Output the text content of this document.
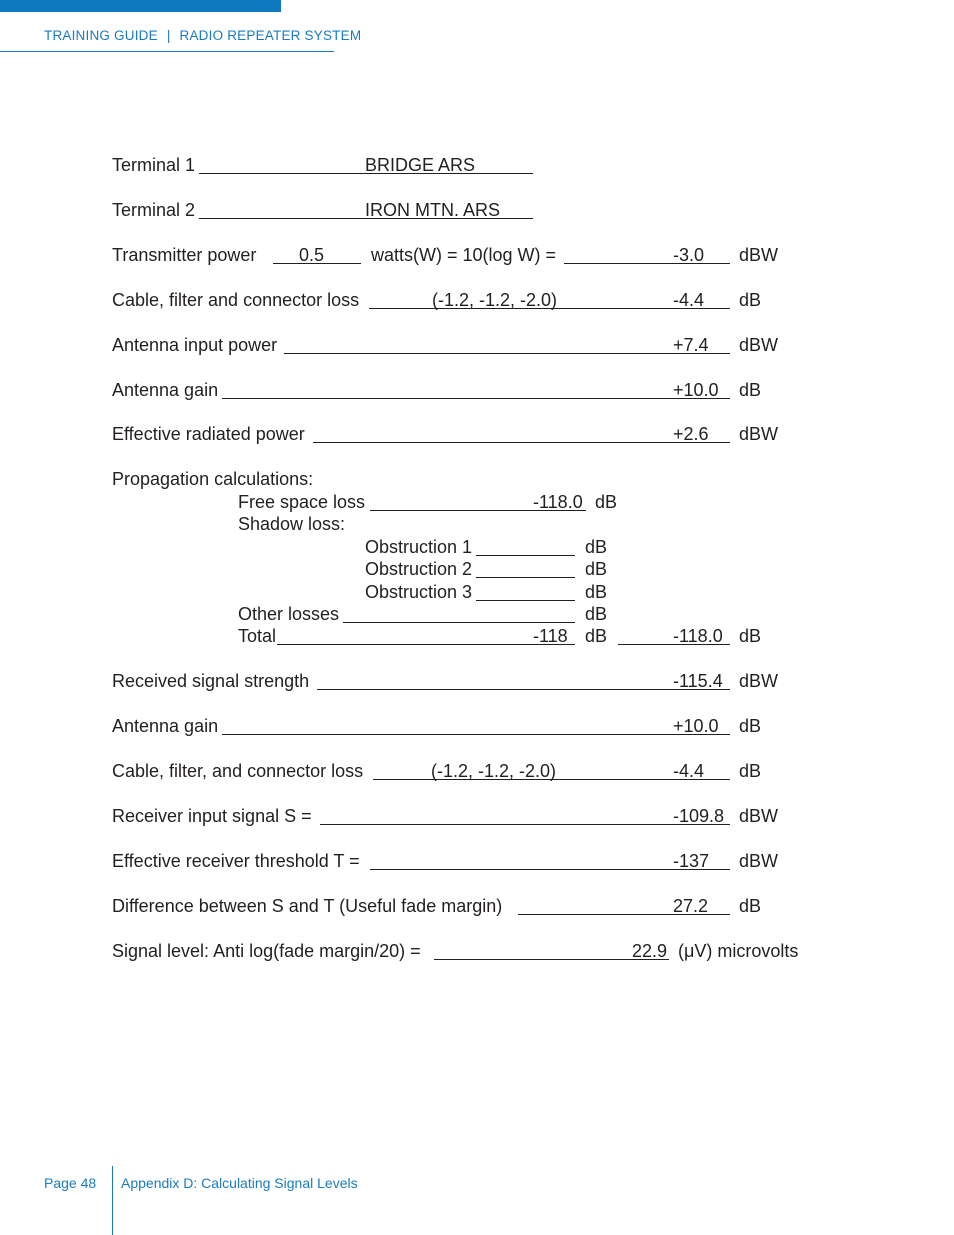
TRAINING GUIDE | RADIO REPEATER SYSTEM
Terminal 1	BRIDGE ARS
Terminal 2	IRON MTN. ARS
Transmitter power 0.5	watts(W) = 10(log W) =	-3.0 dBW
Cable, filter and connector loss	(-1.2, -1.2, -2.0)	-4.4 dB
Antenna input power	+7.4 dBW
Antenna gain	+10.0 dB
Effective radiated power	+2.6 dBW
Propagation calculations:
Free space loss	-118.0 dB
Shadow loss:
Obstruction 1	dB
Obstruction 2	dB
Obstruction 3	dB
Other losses	dB
Total	-118 dB	-118.0 dB
Received signal strength	-115.4 dBW
Antenna gain	+10.0 dB
Cable, filter, and connector loss	(-1.2, -1.2, -2.0)	-4.4 dB
Receiver input signal S =	-109.8 dBW
Effective receiver threshold T =	-137 dBW
Difference between S and T (Useful fade margin)	27.2 dB
Signal level: Anti log(fade margin/20) =	22.9 (μV) microvolts
Page 48 Appendix D: Calculating Signal Levels
